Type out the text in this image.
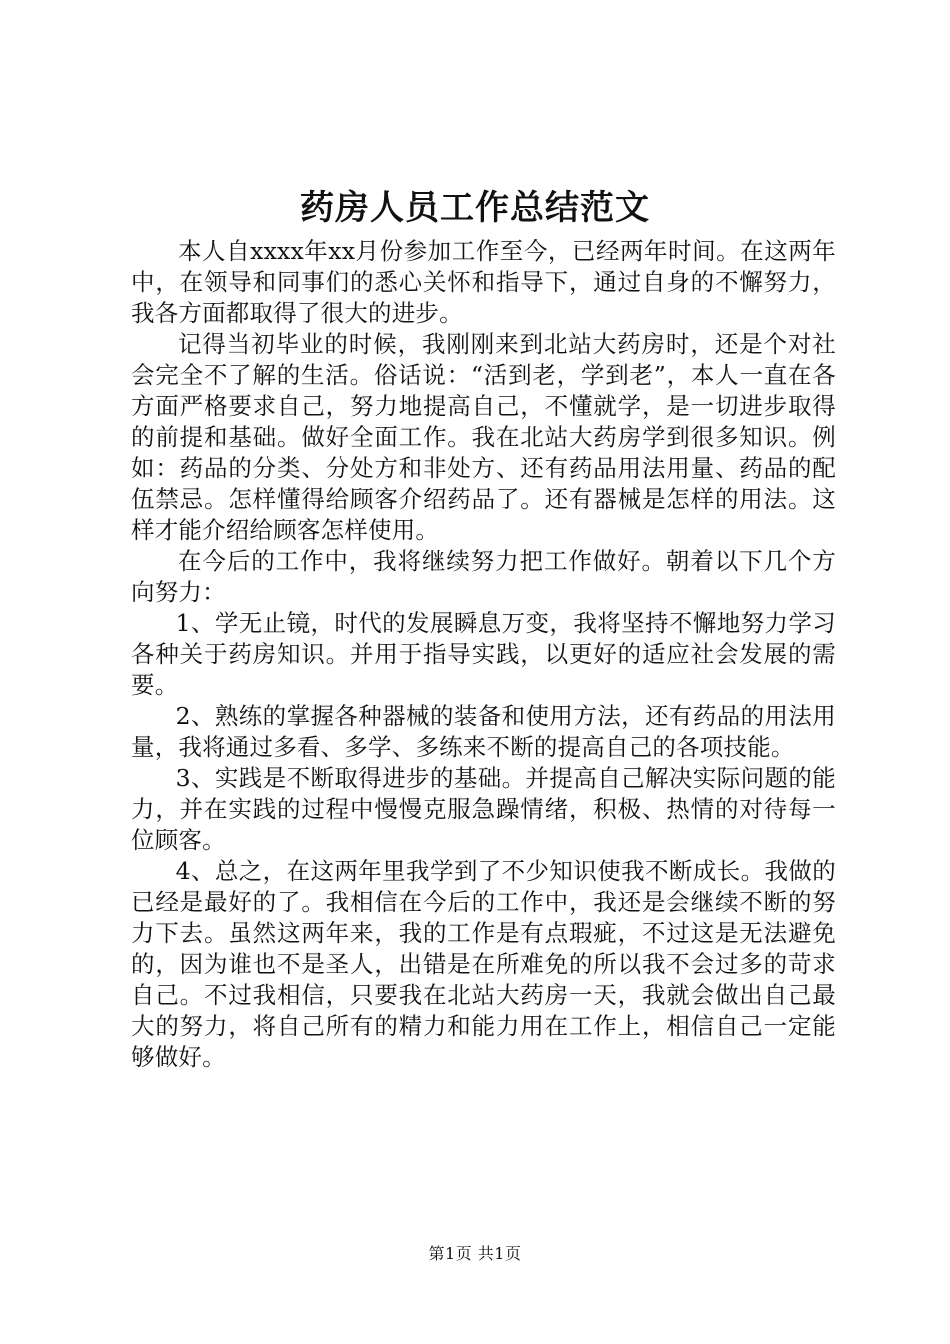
药房人员工作总结范文

本人自xxxx年xx月份参加工作至今，已经两年时间。在这两年中，在领导和同事们的悉心关怀和指导下，通过自身的不懈努力，我各方面都取得了很大的进步。

记得当初毕业的时候，我刚刚来到北站大药房时，还是个对社会完全不了解的生活。俗话说：“活到老，学到老”，本人一直在各方面严格要求自己，努力地提高自己，不懂就学，是一切进步取得的前提和基础。做好全面工作。我在北站大药房学到很多知识。例如：药品的分类、分处方和非处方、还有药品用法用量、药品的配伍禁忌。怎样懂得给顾客介绍药品了。还有器械是怎样的用法。这样才能介绍给顾客怎样使用。

在今后的工作中，我将继续努力把工作做好。朝着以下几个方向努力：

1、学无止镜，时代的发展瞬息万变，我将坚持不懈地努力学习各种关于药房知识。并用于指导实践，以更好的适应社会发展的需要。

2、熟练的掌握各种器械的装备和使用方法，还有药品的用法用量，我将通过多看、多学、多练来不断的提高自己的各项技能。

3、实践是不断取得进步的基础。并提高自己解决实际问题的能力，并在实践的过程中慢慢克服急躁情绪，积极、热情的对待每一位顾客。

4、总之，在这两年里我学到了不少知识使我不断成长。我做的已经是最好的了。我相信在今后的工作中，我还是会继续不断的努力下去。虽然这两年来，我的工作是有点瑕疵，不过这是无法避免的，因为谁也不是圣人，出错是在所难免的所以我不会过多的苛求自己。不过我相信，只要我在北站大药房一天，我就会做出自己最大的努力，将自己所有的精力和能力用在工作上，相信自己一定能够做好。

第1页 共1页
